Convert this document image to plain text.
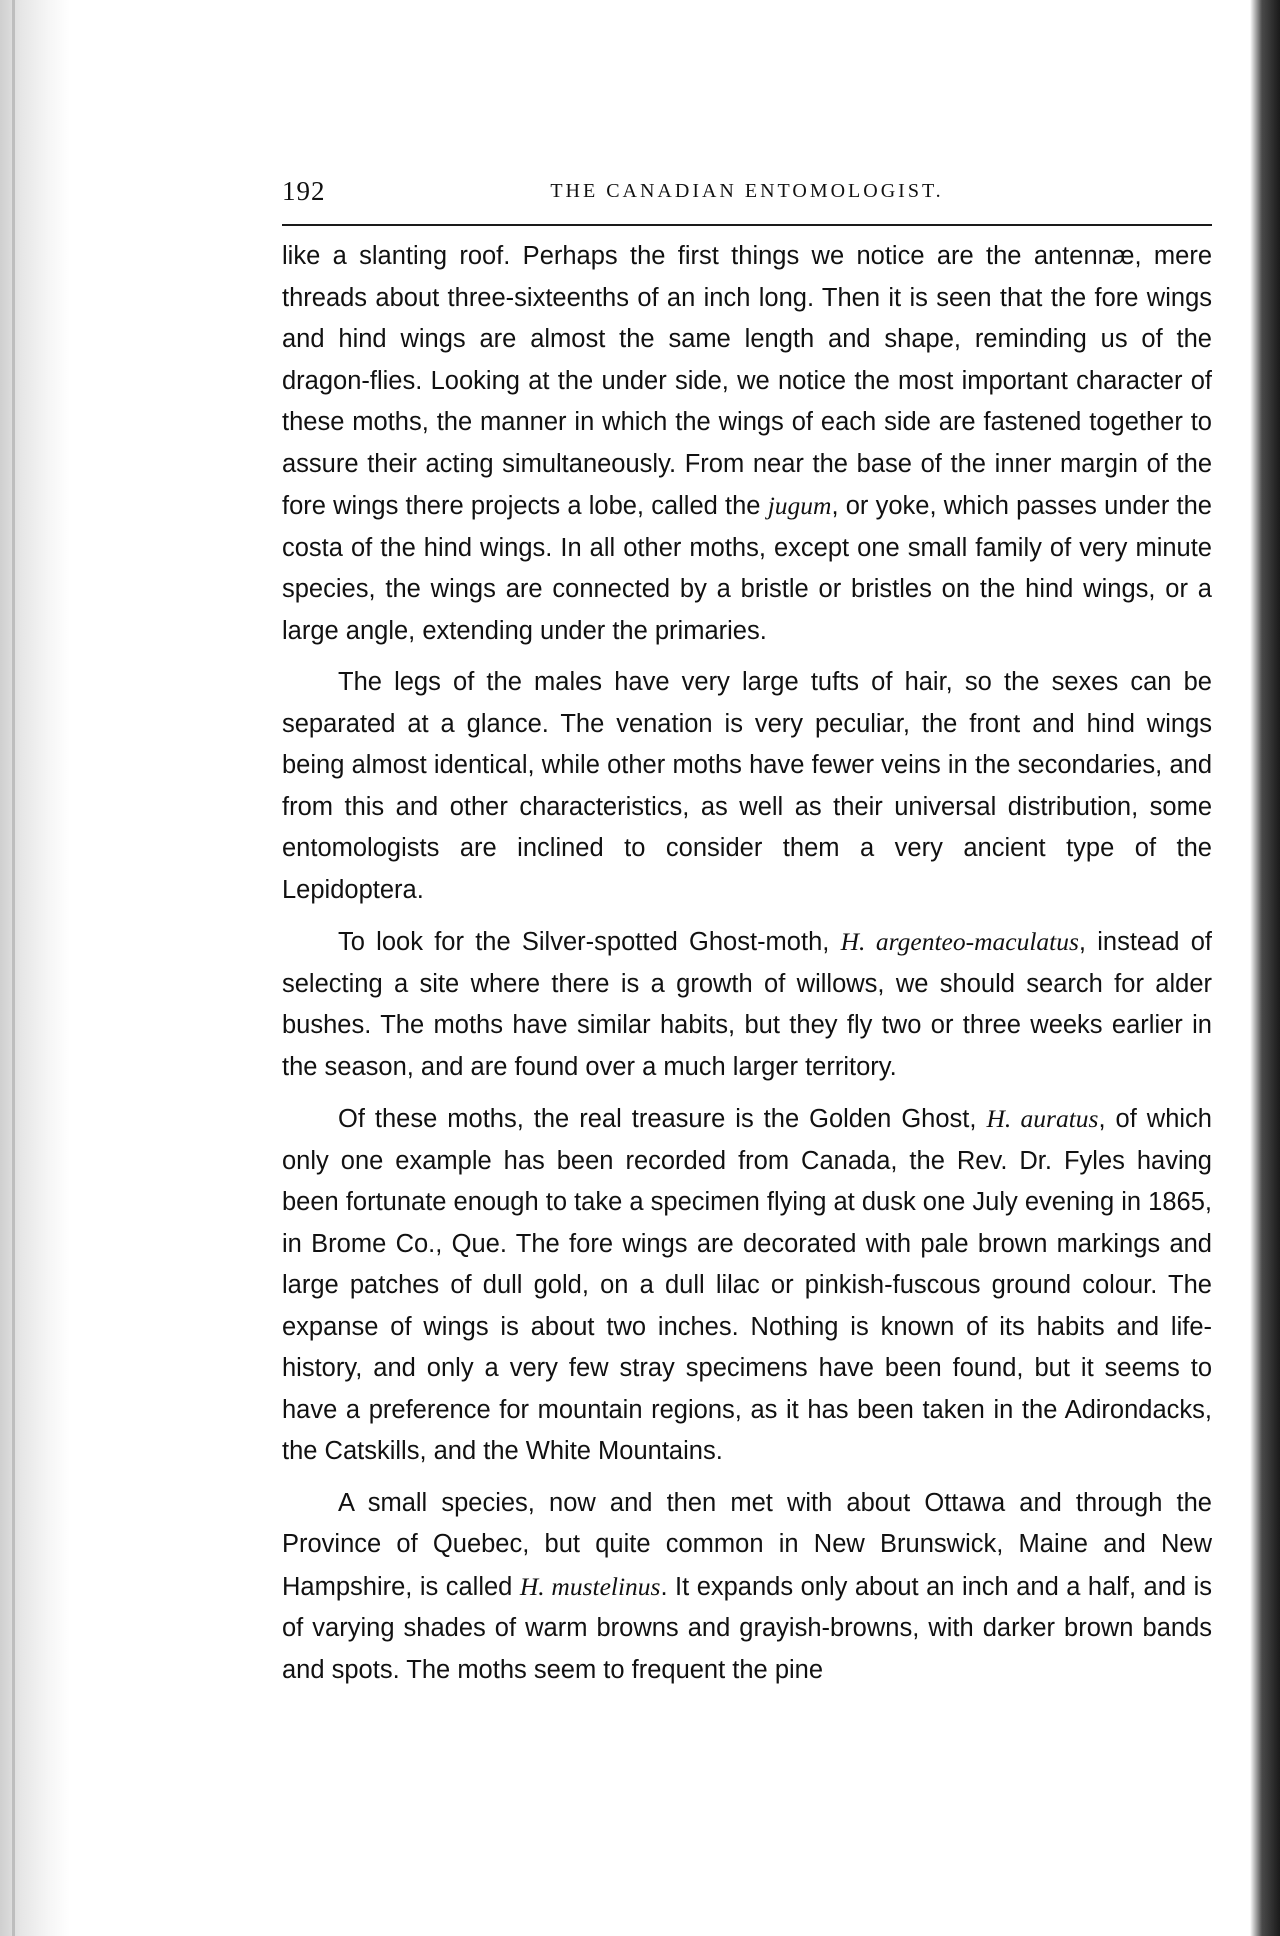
192	THE CANADIAN ENTOMOLOGIST.

like a slanting roof. Perhaps the first things we notice are the antennæ, mere threads about three-sixteenths of an inch long. Then it is seen that the fore wings and hind wings are almost the same length and shape, reminding us of the dragon-flies. Looking at the under side, we notice the most important character of these moths, the manner in which the wings of each side are fastened together to assure their acting simultaneously. From near the base of the inner margin of the fore wings there projects a lobe, called the jugum, or yoke, which passes under the costa of the hind wings. In all other moths, except one small family of very minute species, the wings are connected by a bristle or bristles on the hind wings, or a large angle, extending under the primaries.

The legs of the males have very large tufts of hair, so the sexes can be separated at a glance. The venation is very peculiar, the front and hind wings being almost identical, while other moths have fewer veins in the secondaries, and from this and other characteristics, as well as their universal distribution, some entomologists are inclined to consider them a very ancient type of the Lepidoptera.

To look for the Silver-spotted Ghost-moth, H. argenteo-maculatus, instead of selecting a site where there is a growth of willows, we should search for alder bushes. The moths have similar habits, but they fly two or three weeks earlier in the season, and are found over a much larger territory.

Of these moths, the real treasure is the Golden Ghost, H. auratus, of which only one example has been recorded from Canada, the Rev. Dr. Fyles having been fortunate enough to take a specimen flying at dusk one July evening in 1865, in Brome Co., Que. The fore wings are decorated with pale brown markings and large patches of dull gold, on a dull lilac or pinkish-fuscous ground colour. The expanse of wings is about two inches. Nothing is known of its habits and life-history, and only a very few stray specimens have been found, but it seems to have a preference for mountain regions, as it has been taken in the Adirondacks, the Catskills, and the White Mountains.

A small species, now and then met with about Ottawa and through the Province of Quebec, but quite common in New Brunswick, Maine and New Hampshire, is called H. mustelinus. It expands only about an inch and a half, and is of varying shades of warm browns and grayish-browns, with darker brown bands and spots. The moths seem to frequent the pine
